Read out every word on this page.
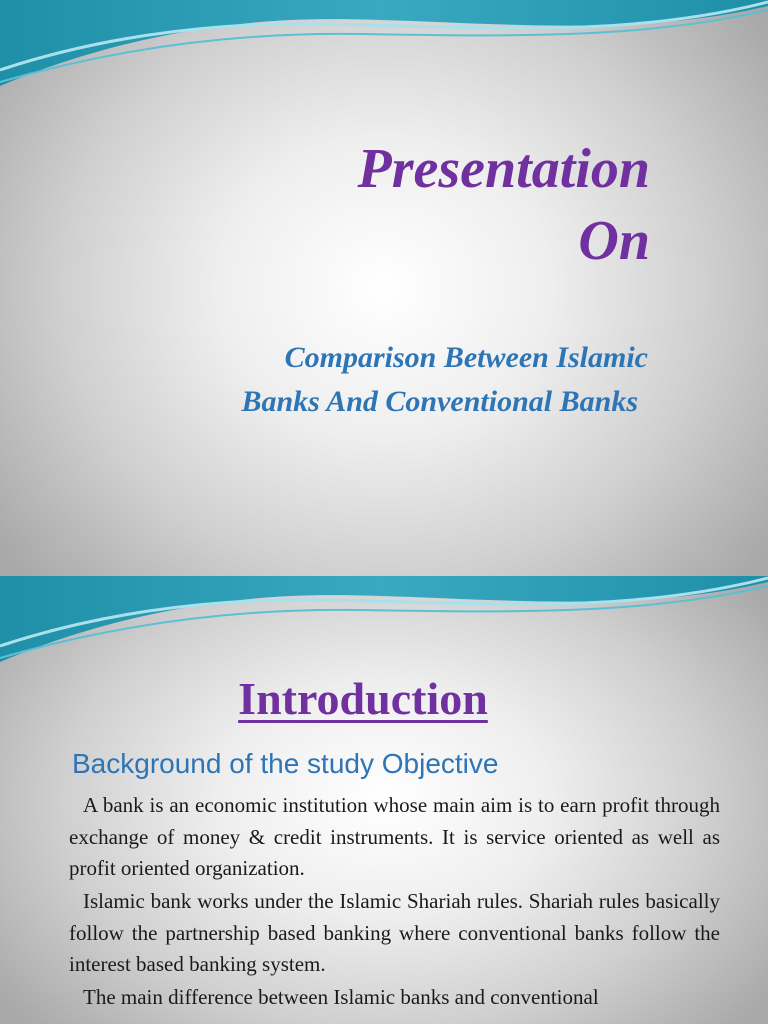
Presentation
On
Comparison Between Islamic
Banks And Conventional Banks
Introduction
Background of the study Objective

A bank is an economic institution whose main aim is to earn profit through exchange of money & credit instruments. It is service oriented as well as profit oriented organization.

Islamic bank works under the Islamic Shariah rules. Shariah rules basically follow the partnership based banking where conventional banks follow the interest based banking system.

The main difference between Islamic banks and conventional
